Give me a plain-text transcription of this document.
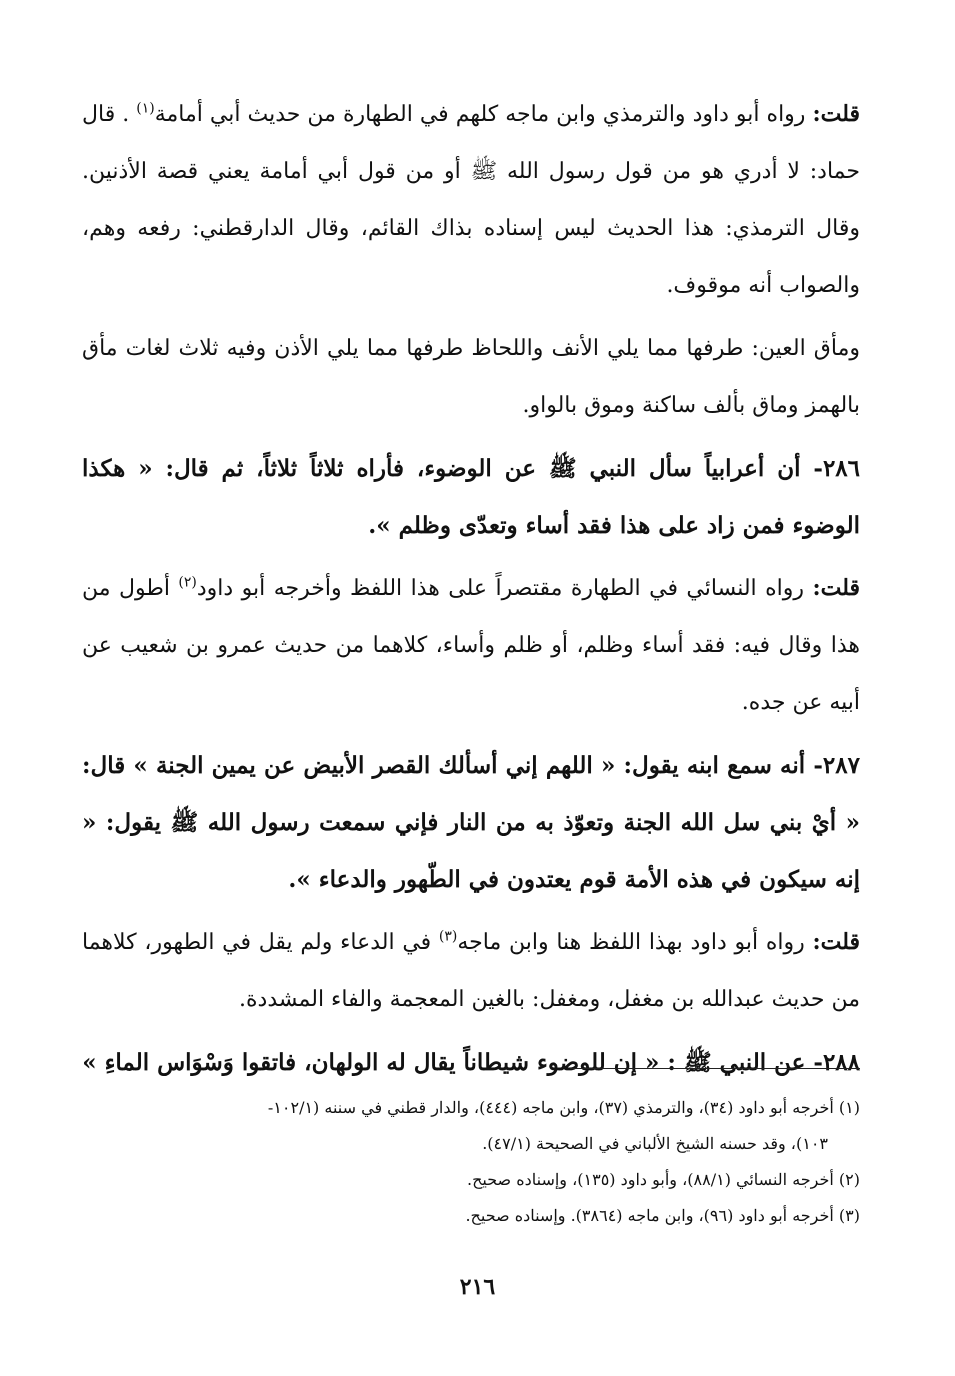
قلت: رواه أبو داود والترمذي وابن ماجه كلهم في الطهارة من حديث أبي أمامة$^{(١)}$ . قال حماد: لا أدري هو من قول رسول الله ﷺ أو من قول أبي أمامة يعني قصة الأذنين. وقال الترمذي: هذا الحديث ليس إسناده بذاك القائم، وقال الدارقطني: رفعه وهم، والصواب أنه موقوف.

ومأق العين: طرفها مما يلي الأنف واللحاظ طرفها مما يلي الأذن وفيه ثلاث لغات مأق بالهمز وماق بألف ساكنة وموق بالواو.

٢٨٦- أن أعرابياً سأل النبي ﷺ عن الوضوء، فأراه ثلاثاً ثلاثاً، ثم قال: « هكذا الوضوء فمن زاد على هذا فقد أساء وتعدّى وظلم ».

قلت: رواه النسائي في الطهارة مقتصراً على هذا اللفظ وأخرجه أبو داود$^{(٢)}$ أطول من هذا وقال فيه: فقد أساء وظلم، أو ظلم وأساء، كلاهما من حديث عمرو بن شعيب عن أبيه عن جده.

٢٨٧- أنه سمع ابنه يقول: « اللهم إني أسألك القصر الأبيض عن يمين الجنة » قال: « أيْ بني سل الله الجنة وتعوّذ به من النار فإني سمعت رسول الله ﷺ يقول: « إنه سيكون في هذه الأمة قوم يعتدون في الطّهور والدعاء ».

قلت: رواه أبو داود بهذا اللفظ هنا وابن ماجه$^{(٣)}$ في الدعاء ولم يقل في الطهور، كلاهما من حديث عبدالله بن مغفل، ومغفل: بالغين المعجمة والفاء المشددة.

٢٨٨- عن النبي ﷺ : « إن للوضوء شيطاناً يقال له الولهان، فاتقوا وَسْوَاس الماءِ »

(١) أخرجه أبو داود (٣٤)، والترمذي (٣٧)، وابن ماجه (٤٤٤)، والدار قطني في سننه (١٠٢/١-
١٠٣)، وقد حسنه الشيخ الألباني في الصحيحة (٤٧/١).

(٢) أخرجه النسائي (٨٨/١)، وأبو داود (١٣٥)، وإسناده صحيح.

(٣) أخرجه أبو داود (٩٦)، وابن ماجه (٣٨٦٤). وإسناده صحيح.

٢١٦
